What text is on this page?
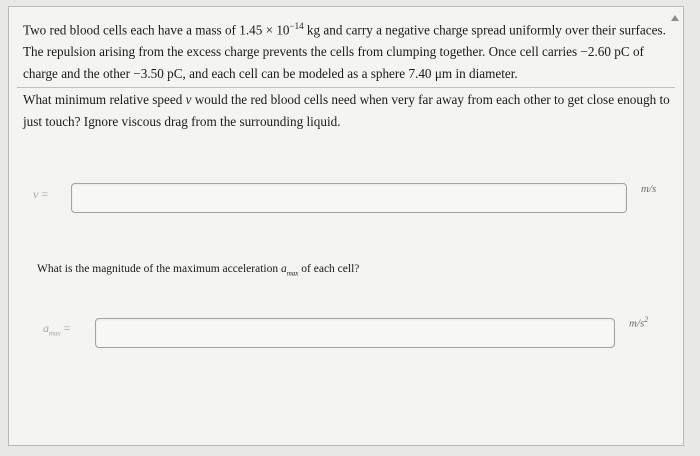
Two red blood cells each have a mass of $1.45 \times 10^{-14}$ kg and carry a negative charge spread uniformly over their surfaces. The repulsion arising from the excess charge prevents the cells from clumping together. Once cell carries −2.60 pC of charge and the other −3.50 pC, and each cell can be modeled as a sphere 7.40 μm in diameter.

What minimum relative speed v would the red blood cells need when very far away from each other to get close enough to just touch? Ignore viscous drag from the surrounding liquid.

v =	m/s

What is the magnitude of the maximum acceleration $a_{max}$ of each cell?

$a_{max}$ =	$m/s^2$
